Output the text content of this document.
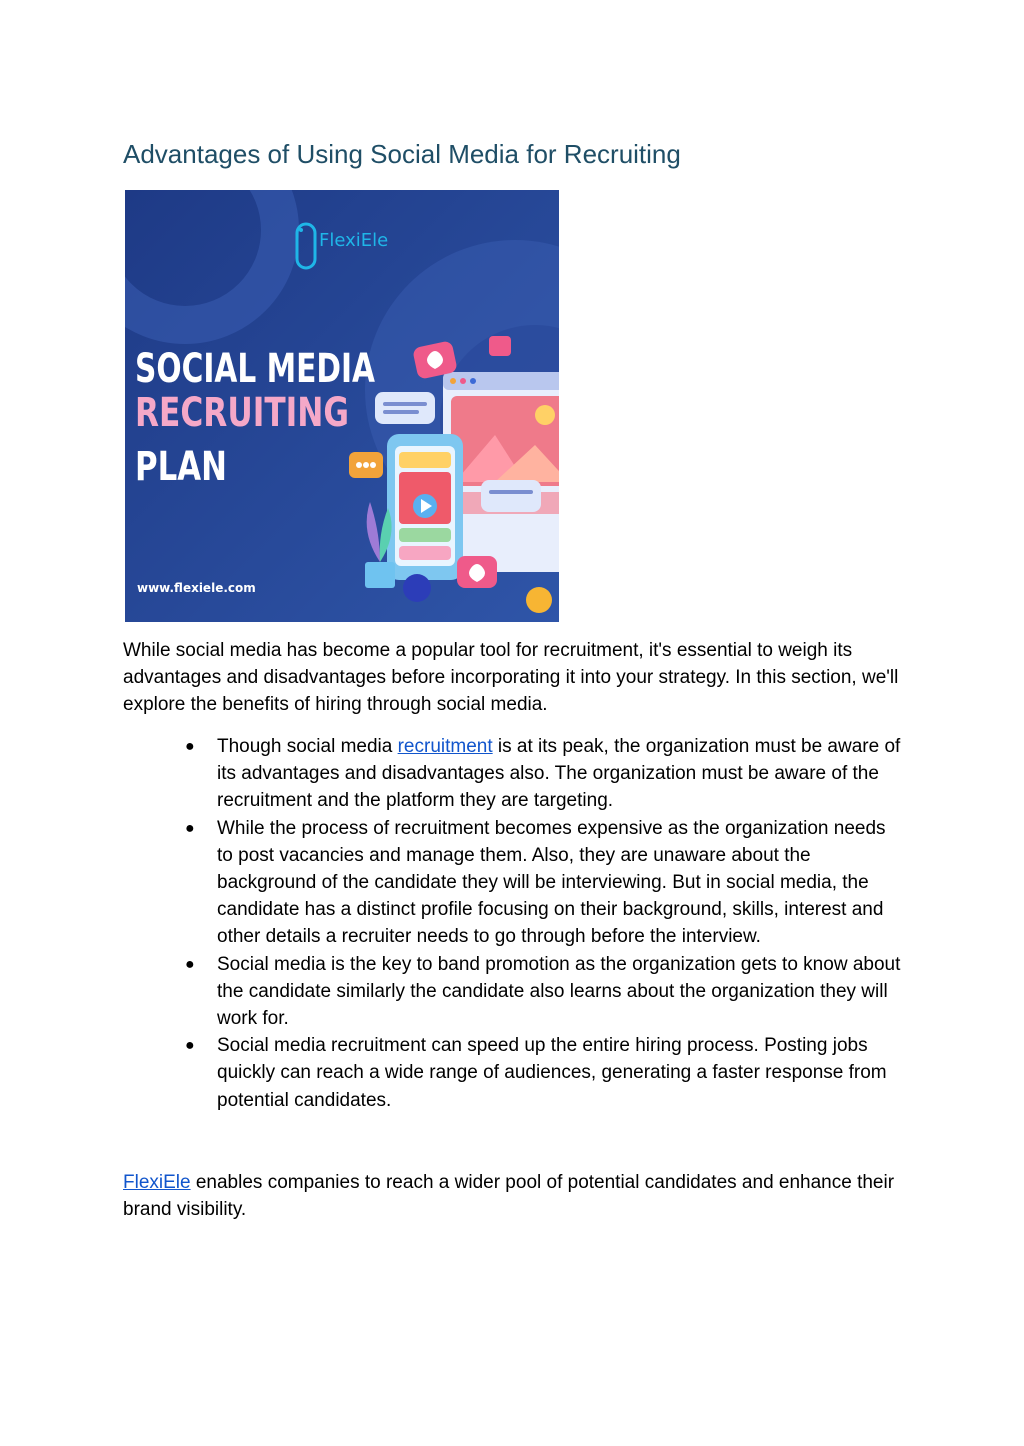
Advantages of Using Social Media for Recruiting
FlexiEle
SOCIAL MEDIA
RECRUITING
PLAN
www.flexiele.com

While social media has become a popular tool for recruitment, it's essential to weigh its advantages and disadvantages before incorporating it into your strategy. In this section, we'll explore the benefits of hiring through social media.

● Though social media recruitment is at its peak, the organization must be aware of its advantages and disadvantages also. The organization must be aware of the recruitment and the platform they are targeting.
● While the process of recruitment becomes expensive as the organization needs to post vacancies and manage them. Also, they are unaware about the background of the candidate they will be interviewing. But in social media, the candidate has a distinct profile focusing on their background, skills, interest and other details a recruiter needs to go through before the interview.
● Social media is the key to band promotion as the organization gets to know about the candidate similarly the candidate also learns about the organization they will work for.
● Social media recruitment can speed up the entire hiring process. Posting jobs quickly can reach a wide range of audiences, generating a faster response from potential candidates.

FlexiEle enables companies to reach a wider pool of potential candidates and enhance their brand visibility.
